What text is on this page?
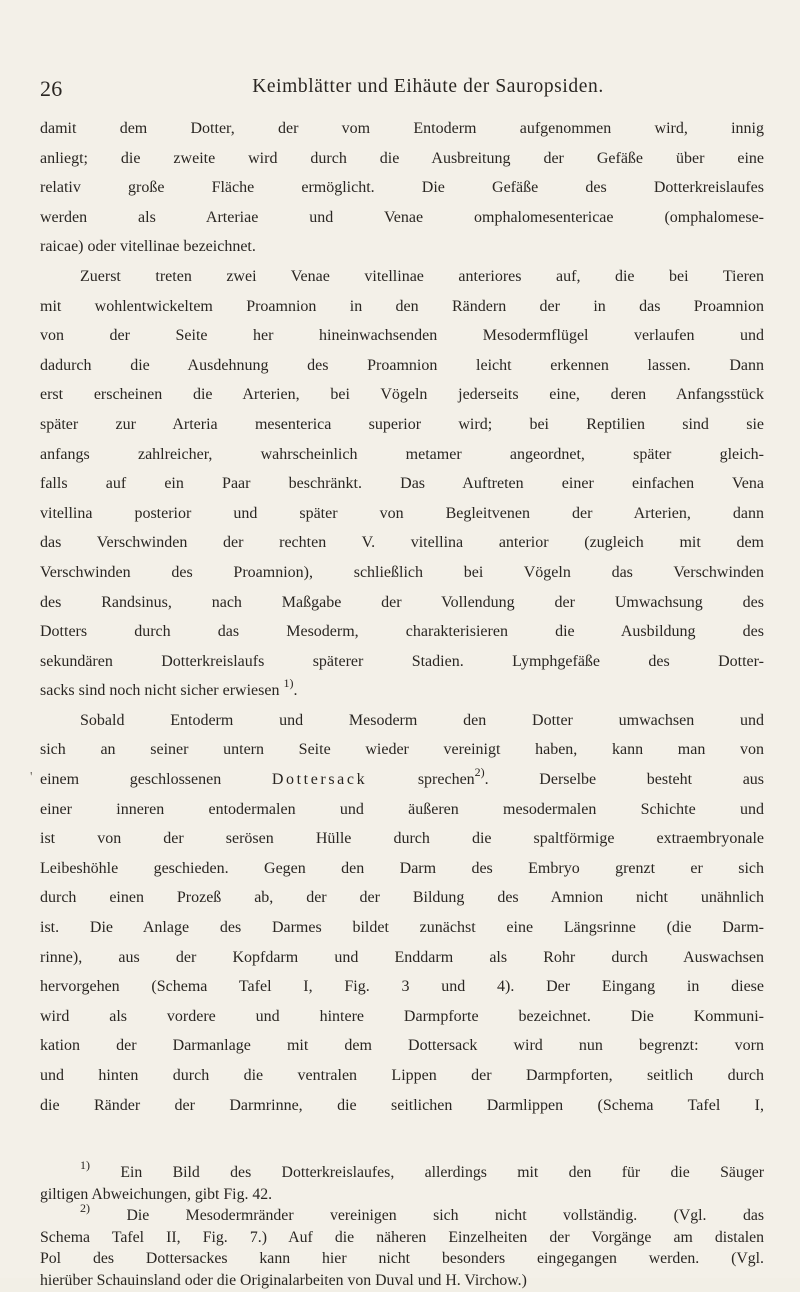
26	Keimblätter und Eihäute der Sauropsiden.
'
damit dem Dotter, der vom Entoderm aufgenommen wird, innig
anliegt; die zweite wird durch die Ausbreitung der Gefäße über eine
relativ große Fläche ermöglicht. Die Gefäße des Dotterkreislaufes
werden als Arteriae und Venae omphalomesentericae (omphalomese-
raicae) oder vitellinae bezeichnet.
Zuerst treten zwei Venae vitellinae anteriores auf, die bei Tieren
mit wohlentwickeltem Proamnion in den Rändern der in das Proamnion
von der Seite her hineinwachsenden Mesodermflügel verlaufen und
dadurch die Ausdehnung des Proamnion leicht erkennen lassen. Dann
erst erscheinen die Arterien, bei Vögeln jederseits eine, deren Anfangsstück
später zur Arteria mesenterica superior wird; bei Reptilien sind sie
anfangs zahlreicher, wahrscheinlich metamer angeordnet, später gleich-
falls auf ein Paar beschränkt. Das Auftreten einer einfachen Vena
vitellina posterior und später von Begleitvenen der Arterien, dann
das Verschwinden der rechten V. vitellina anterior (zugleich mit dem
Verschwinden des Proamnion), schließlich bei Vögeln das Verschwinden
des Randsinus, nach Maßgabe der Vollendung der Umwachsung des
Dotters durch das Mesoderm, charakterisieren die Ausbildung des
sekundären Dotterkreislaufs späterer Stadien. Lymphgefäße des Dotter-
sacks sind noch nicht sicher erwiesen $^{1)}$.
Sobald Entoderm und Mesoderm den Dotter umwachsen und
sich an seiner untern Seite wieder vereinigt haben, kann man von
einem geschlossenen	Dottersack	sprechen$^{2)}$. Derselbe besteht aus
einer inneren entodermalen und äußeren mesodermalen Schichte und
ist von der serösen Hülle durch die spaltförmige extraembryonale
Leibeshöhle geschieden. Gegen den Darm des Embryo grenzt er sich
durch einen Prozeß ab, der der Bildung des Amnion nicht unähnlich
ist. Die Anlage des Darmes bildet zunächst eine Längsrinne (die Darm-
rinne), aus der Kopfdarm und Enddarm als Rohr durch Auswachsen
hervorgehen (Schema Tafel I, Fig. 3 und 4). Der Eingang in diese
wird als vordere und hintere Darmpforte bezeichnet. Die Kommuni-
kation der Darmanlage mit dem Dottersack wird nun begrenzt: vorn
und hinten durch die ventralen Lippen der Darmpforten, seitlich durch
die Ränder der Darmrinne, die seitlichen Darmlippen (Schema Tafel I,
$^{1)}$ Ein Bild des Dotterkreislaufes, allerdings mit den für die Säuger
giltigen Abweichungen, gibt Fig. 42.
$^{2)}$ Die Mesodermränder vereinigen sich nicht vollständig. (Vgl. das
Schema Tafel II, Fig. 7.) Auf die näheren Einzelheiten der Vorgänge am distalen
Pol des Dottersackes kann hier nicht besonders eingegangen werden. (Vgl.
hierüber Schauinsland oder die Originalarbeiten von Duval und H. Virchow.)
